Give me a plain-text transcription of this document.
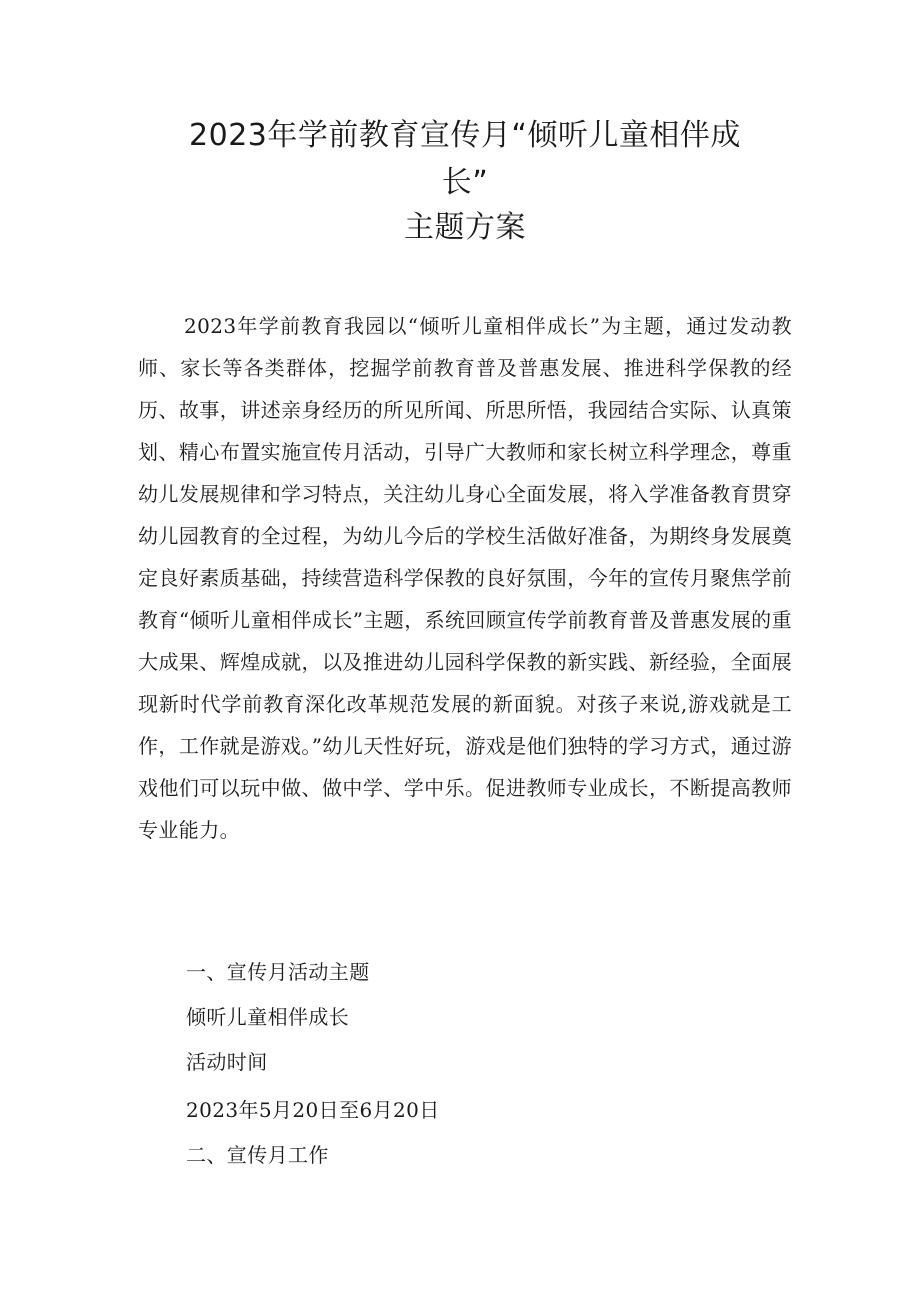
2023年学前教育宣传月“倾听儿童相伴成
长”
主题方案

2023年学前教育我园以“倾听儿童相伴成长”为主题，通过发动教师、家长等各类群体，挖掘学前教育普及普惠发展、推进科学保教的经历、故事，讲述亲身经历的所见所闻、所思所悟，我园结合实际、认真策划、精心布置实施宣传月活动，引导广大教师和家长树立科学理念，尊重幼儿发展规律和学习特点，关注幼儿身心全面发展，将入学准备教育贯穿幼儿园教育的全过程，为幼儿今后的学校生活做好准备，为期终身发展奠定良好素质基础，持续营造科学保教的良好氛围，今年的宣传月聚焦学前教育“倾听儿童相伴成长”主题，系统回顾宣传学前教育普及普惠发展的重大成果、辉煌成就，以及推进幼儿园科学保教的新实践、新经验，全面展现新时代学前教育深化改革规范发展的新面貌。对孩子来说,游戏就是工作，工作就是游戏。”幼儿天性好玩，游戏是他们独特的学习方式，通过游戏他们可以玩中做、做中学、学中乐。促进教师专业成长，不断提高教师专业能力。

一、宣传月活动主题

倾听儿童相伴成长

活动时间

2023年5月20日至6月20日

二、宣传月工作
